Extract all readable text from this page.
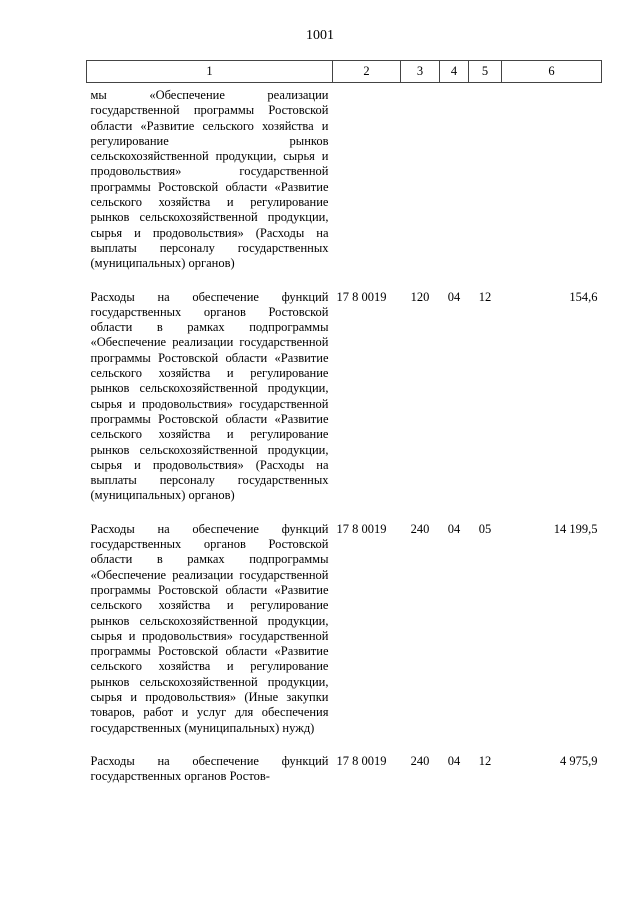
1001
1	2	3	4	5	6
мы «Обеспечение реализации государственной программы Ростовской области «Развитие сельского хозяйства и регулирование рынков сельскохозяйственной продукции, сырья и продовольствия» государственной программы Ростовской области «Развитие сельского хозяйства и регулирование рынков сельскохозяйственной продукции, сырья и продовольствия» (Расходы на выплаты персоналу государственных (муниципальных) органов)					
Расходы на обеспечение функций государственных органов Ростовской области в рамках подпрограммы «Обеспечение реализации государственной программы Ростовской области «Развитие сельского хозяйства и регулирование рынков сельскохозяйственной продукции, сырья и продовольствия» государственной программы Ростовской области «Развитие сельского хозяйства и регулирование рынков сельскохозяйственной продукции, сырья и продовольствия» (Расходы на выплаты персоналу государственных (муниципальных) органов)	17 8 0019	120	04	12	154,6
Расходы на обеспечение функций государственных органов Ростовской области в рамках подпрограммы «Обеспечение реализации государственной программы Ростовской области «Развитие сельского хозяйства и регулирование рынков сельскохозяйственной продукции, сырья и продовольствия» государственной программы Ростовской области «Развитие сельского хозяйства и регулирование рынков сельскохозяйственной продукции, сырья и продовольствия» (Иные закупки товаров, работ и услуг для обеспечения государственных (муниципальных) нужд)	17 8 0019	240	04	05	14 199,5
Расходы на обеспечение функций государственных органов Ростов-	17 8 0019	240	04	12	4 975,9
